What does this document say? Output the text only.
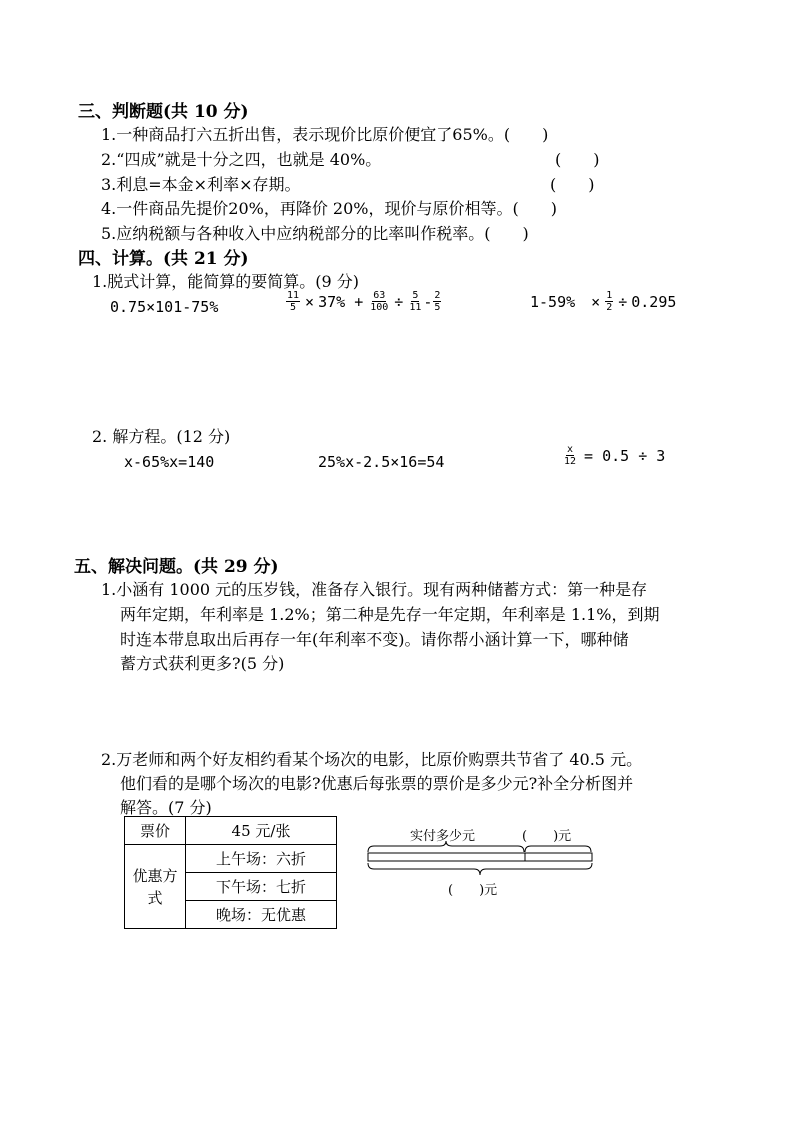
三、判断题(共 10 分)
1.一种商品打六五折出售，表示现价比原价便宜了65%。(　　)
2.“四成”就是十分之四，也就是 40%。	(　　)
3.利息=本金×利率×存期。	(　　)
4.一件商品先提价20%，再降价 20%，现价与原价相等。(　　)
5.应纳税额与各种收入中应纳税部分的比率叫作税率。(　　)
四、计算。(共 21 分)
1.脱式计算，能简算的要简算。(9 分)
0.75×101-75%	$\frac{11}{5} \times 37\% + \frac{63}{100} \div \frac{5}{11} - \frac{2}{5}$	$1-59\% \times \frac{1}{2} \div 0.295$
2. 解方程。(12 分)
x-65%x=140	25%x-2.5×16=54	$\frac{x}{12} = 0.5 \div 3$
五、解决问题。(共 29 分)
1.小涵有 1000 元的压岁钱，准备存入银行。现有两种储蓄方式：第一种是存
两年定期，年利率是 1.2%；第二种是先存一年定期，年利率是 1.1%，到期
时连本带息取出后再存一年(年利率不变)。请你帮小涵计算一下，哪种储
蓄方式获利更多?(5 分)
2.万老师和两个好友相约看某个场次的电影，比原价购票共节省了 40.5 元。
他们看的是哪个场次的电影?优惠后每张票的票价是多少元?补全分析图并
解答。(7 分)
票价	45 元/张
优惠方式	上午场：六折
	下午场：七折
	晚场：无优惠
实付多少元	(　　)元
(　　)元
